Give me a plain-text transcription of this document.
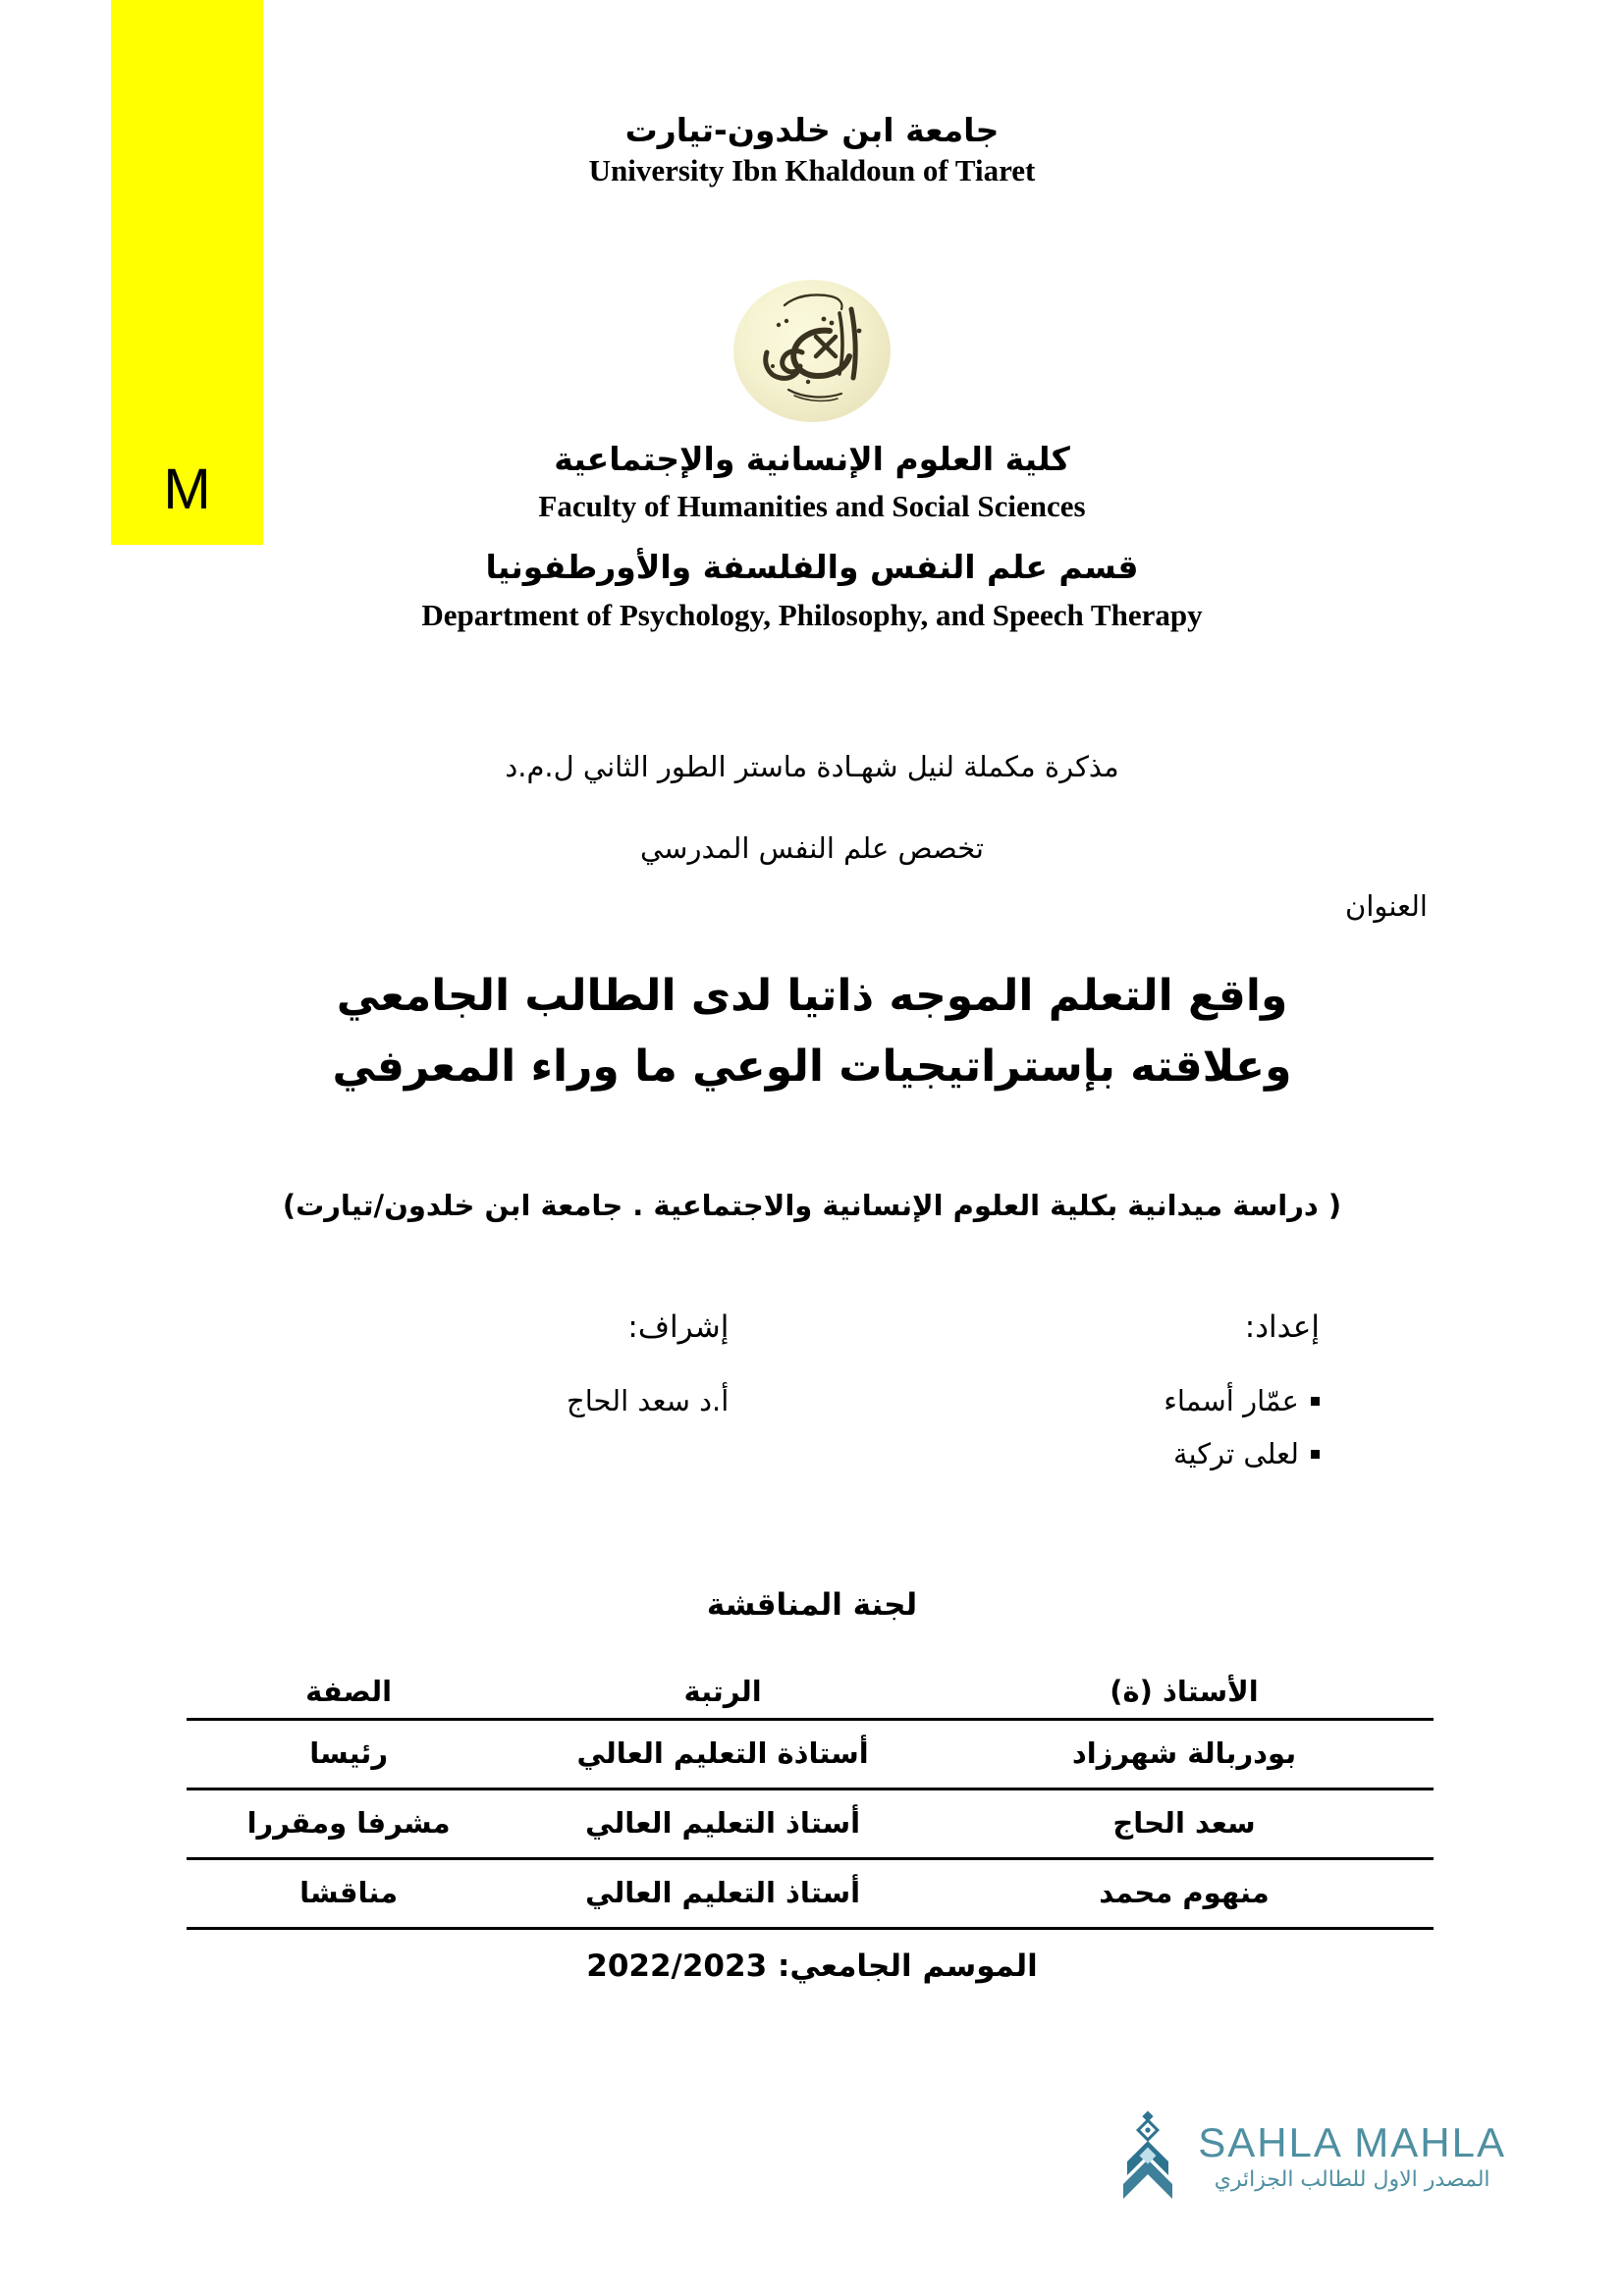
M
جامعة ابن خلدون-تيارت
University Ibn Khaldoun of Tiaret
كلية العلوم الإنسانية والإجتماعية
Faculty of Humanities and Social Sciences
قسم علم النفس والفلسفة والأورطفونيا
Department of Psychology, Philosophy, and Speech Therapy
مذكرة مكملة لنيل شهـادة ماستر الطور الثاني ل.م.د
تخصص علم النفس المدرسي
العنوان
واقع التعلم الموجه ذاتيا لدى الطالب الجامعي
وعلاقته بإستراتيجيات الوعي ما وراء المعرفي
( دراسة ميدانية بكلية العلوم الإنسانية والاجتماعية . جامعة ابن خلدون/تيارت)
إعداد:
عمّار أسماء
لعلى تركية
إشراف:
أ.د سعد الحاج
لجنة المناقشة
الأستاذ (ة)	الرتبة	الصفة
بودربالة شهرزاد	أستاذة التعليم العالي	رئيسا
سعد الحاج	أستاذ التعليم العالي	مشرفا ومقررا
منهوم محمد	أستاذ التعليم العالي	مناقشا
الموسم الجامعي: 2022/2023
SAHLA MAHLA
المصدر الاول للطالب الجزائري
